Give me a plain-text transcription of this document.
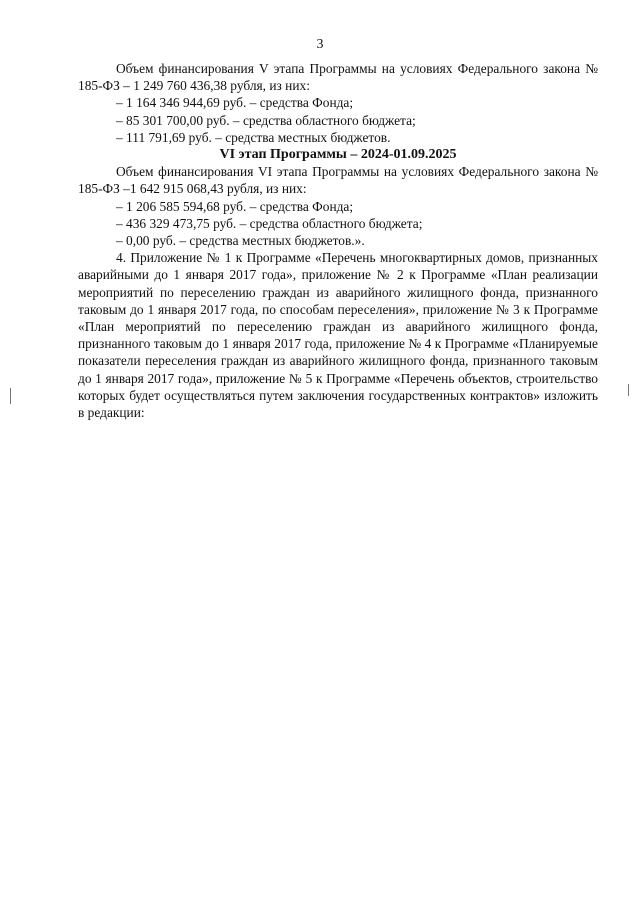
3

Объем финансирования V этапа Программы на условиях Федерального закона № 185-ФЗ – 1 249 760 436,38 рубля, из них:

– 1 164 346 944,69 руб. – средства Фонда;

– 85 301 700,00 руб. – средства областного бюджета;

– 111 791,69 руб. – средства местных бюджетов.

VI этап Программы – 2024-01.09.2025

Объем финансирования VI этапа Программы на условиях Федерального закона № 185-ФЗ –1 642 915 068,43 рубля, из них:

– 1 206 585 594,68 руб. – средства Фонда;

– 436 329 473,75 руб. – средства областного бюджета;

– 0,00 руб. – средства местных бюджетов.».

4. Приложение № 1 к Программе «Перечень многоквартирных домов, признанных аварийными до 1 января 2017 года», приложение № 2 к Программе «План реализации мероприятий по переселению граждан из аварийного жилищного фонда, признанного таковым до 1 января 2017 года, по способам переселения», приложение № 3 к Программе «План мероприятий по переселению граждан из аварийного жилищного фонда, признанного таковым до 1 января 2017 года, приложение № 4 к Программе «Планируемые показатели переселения граждан из аварийного жилищного фонда, признанного таковым до 1 января 2017 года», приложение № 5 к Программе «Перечень объектов, строительство которых будет осуществляться путем заключения государственных контрактов» изложить в редакции:
